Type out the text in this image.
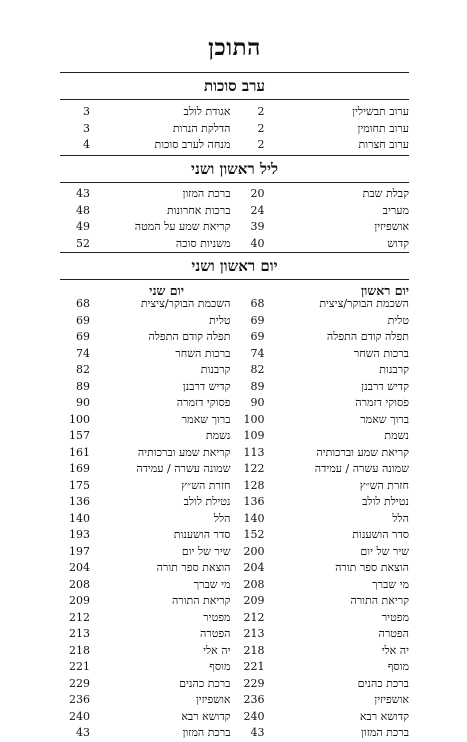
התוכן
ערב סוכות
ערוב תבשילין
2
אגודת לולב
3
ערוב תחומין
2
הדלקת הנרות
3
ערוב חצרות
2
מנחה לערב סוכות
4
ליל ראשון ושני
קבלת שבת
20
ברכת המזון
43
מעריב
24
ברכות אחרונות
48
אושפיזין
39
קריאת שמע על המטה
49
קדוש
40
משניות סוכה
52
יום ראשון ושני
יום ראשון
יום שני
השכמת הבוקר/ציצית
68
השכמת הבוקר/ציצית
68
טלית
69
טלית
69
תפלה קודם התפלה
69
תפלה קודם התפלה
69
ברכות השחר
74
ברכות השחר
74
קרבנות
82
קרבנות
82
קדיש דרבנן
89
קדיש דרבנן
89
פסוקי דזמרה
90
פסוקי דזמרה
90
ברוך שאמר
100
ברוך שאמר
100
נשמת
109
נשמת
157
קריאת שמע וברכותיה
113
קריאת שמע וברכותיה
161
שמונה עשרה / עמידה
122
שמונה עשרה / עמידה
169
חזרת הש״ץ
128
חזרת הש״ץ
175
נטילת לולב
136
נטילת לולב
136
הלל
140
הלל
140
סדר הושענות
152
סדר הושענות
193
שיר של יום
200
שיר של יום
197
הוצאת ספר תורה
204
הוצאת ספר תורה
204
מי שברך
208
מי שברך
208
קריאת התורה
209
קריאת התורה
209
מפטיר
212
מפטיר
212
הפטרה
213
הפטרה
213
יה אלי
218
יה אלי
218
מוסף
221
מוסף
221
ברכת כהנים
229
ברכת כהנים
229
אושפיזין
236
אושפיזין
236
קדושא רבא
240
קדושא רבא
240
ברכת המזון
43
ברכת המזון
43
